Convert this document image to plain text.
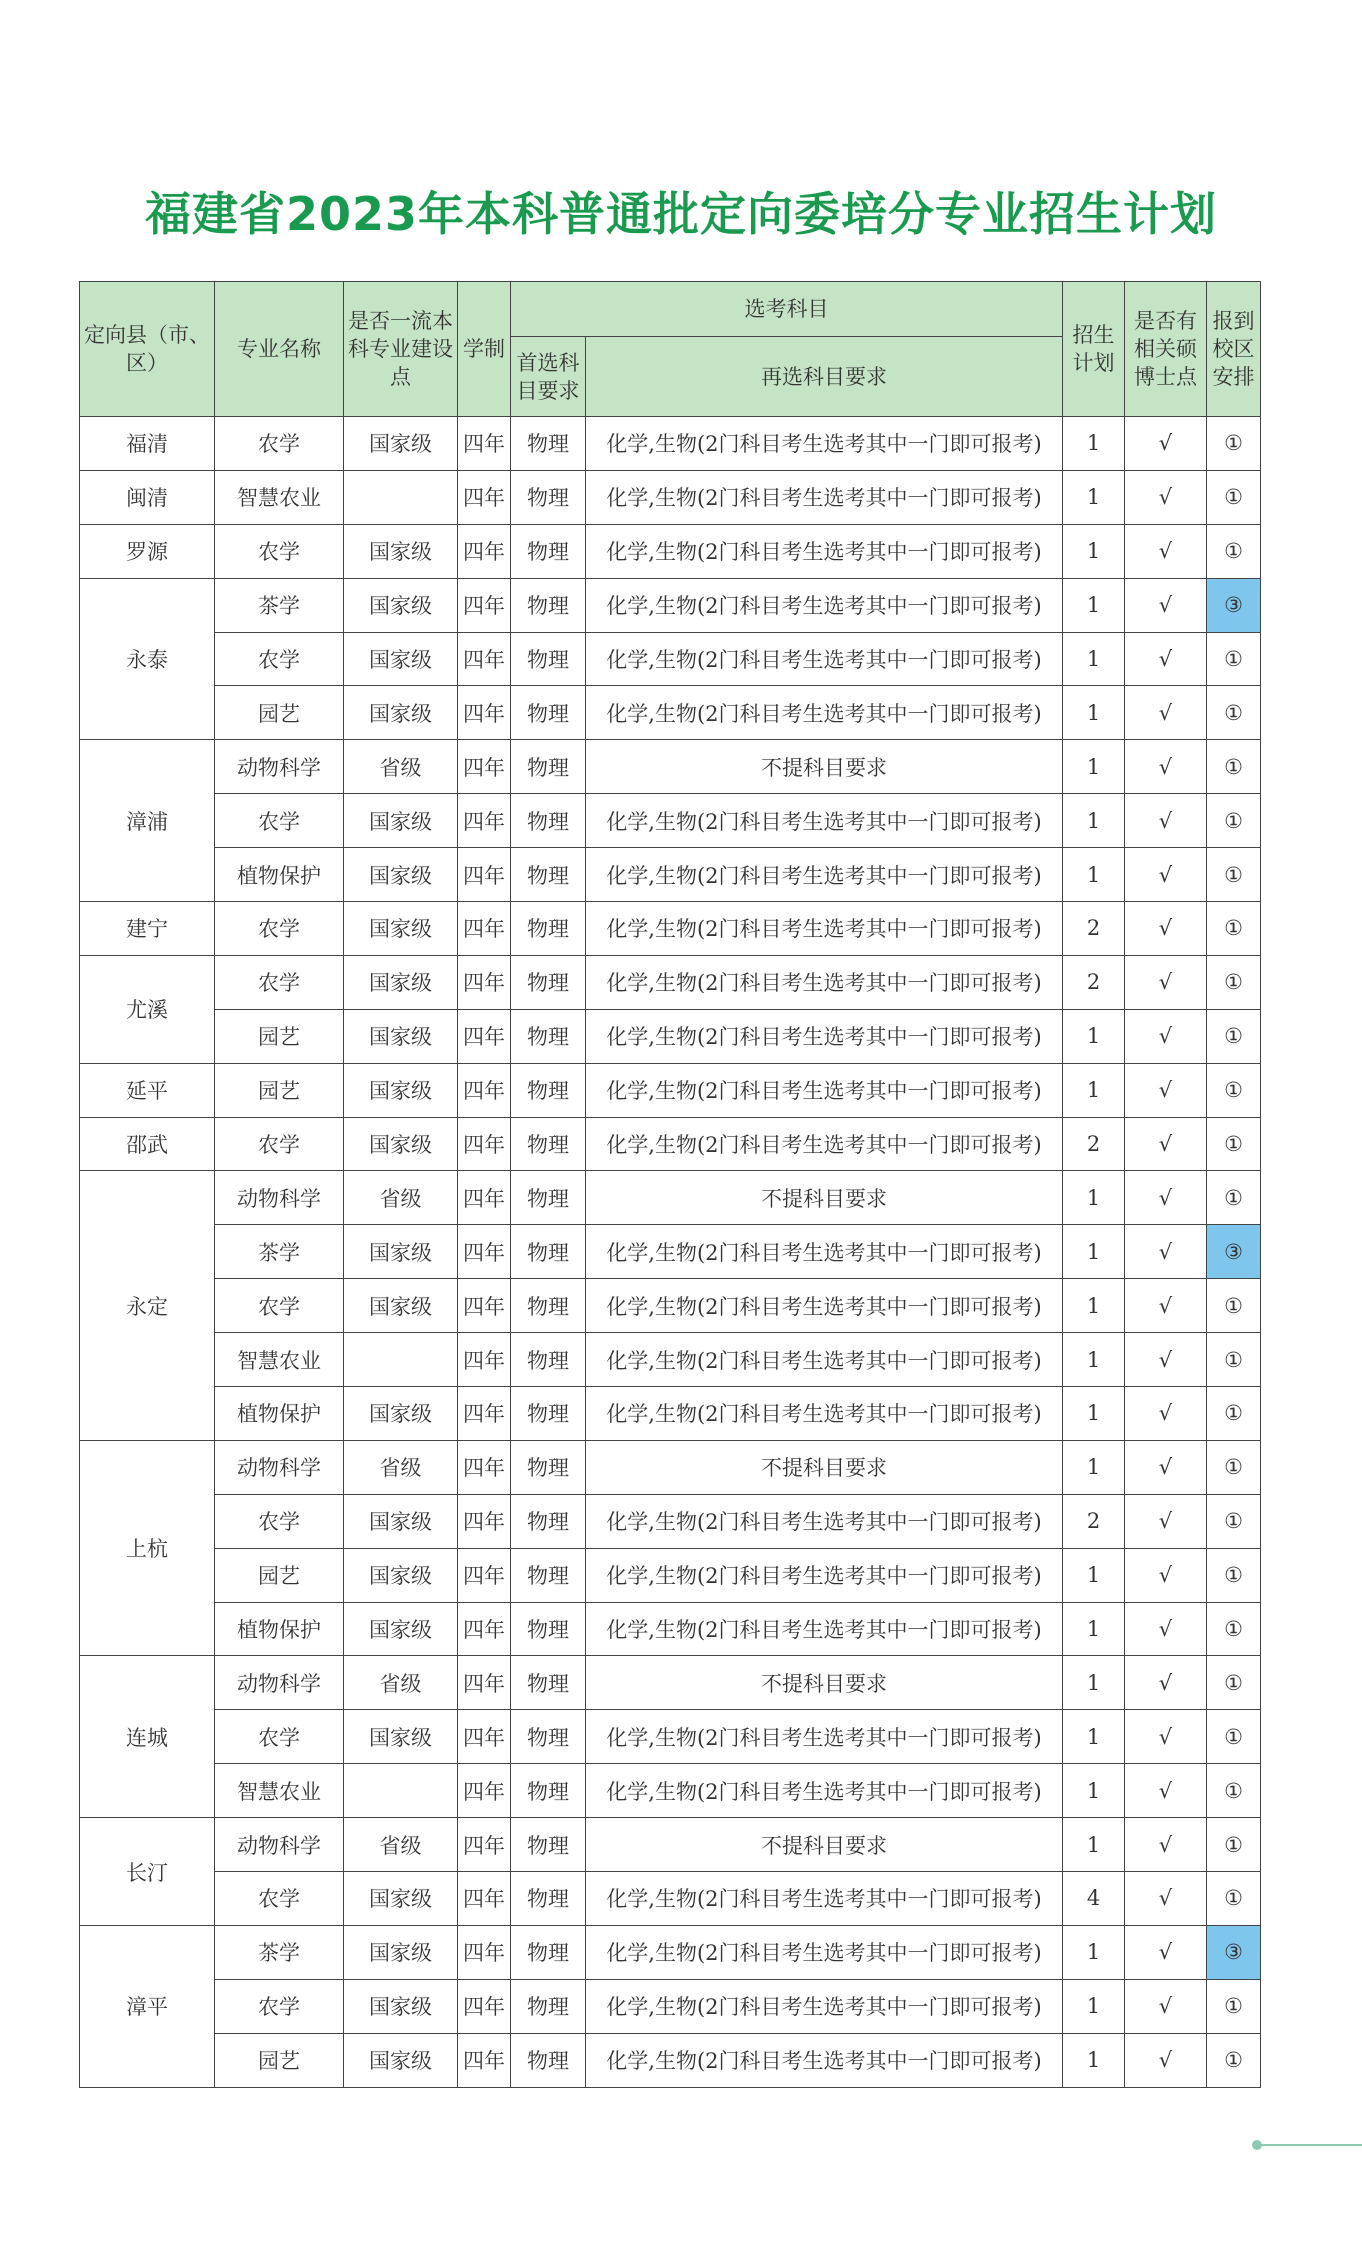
福建省2023年本科普通批定向委培分专业招生计划
定向县（市、区）	专业名称	是否一流本科专业建设点	学制	选考科目		招生计划	是否有相关硕博士点	报到校区安排
				首选科目要求	再选科目要求			
福清	农学	国家级	四年	物理	化学,生物(2门科目考生选考其中一门即可报考)	1	√	①
闽清	智慧农业		四年	物理	化学,生物(2门科目考生选考其中一门即可报考)	1	√	①
罗源	农学	国家级	四年	物理	化学,生物(2门科目考生选考其中一门即可报考)	1	√	①
永泰	茶学	国家级	四年	物理	化学,生物(2门科目考生选考其中一门即可报考)	1	√	③
	农学	国家级	四年	物理	化学,生物(2门科目考生选考其中一门即可报考)	1	√	①
	园艺	国家级	四年	物理	化学,生物(2门科目考生选考其中一门即可报考)	1	√	①
漳浦	动物科学	省级	四年	物理	不提科目要求	1	√	①
	农学	国家级	四年	物理	化学,生物(2门科目考生选考其中一门即可报考)	1	√	①
	植物保护	国家级	四年	物理	化学,生物(2门科目考生选考其中一门即可报考)	1	√	①
建宁	农学	国家级	四年	物理	化学,生物(2门科目考生选考其中一门即可报考)	2	√	①
尤溪	农学	国家级	四年	物理	化学,生物(2门科目考生选考其中一门即可报考)	2	√	①
	园艺	国家级	四年	物理	化学,生物(2门科目考生选考其中一门即可报考)	1	√	①
延平	园艺	国家级	四年	物理	化学,生物(2门科目考生选考其中一门即可报考)	1	√	①
邵武	农学	国家级	四年	物理	化学,生物(2门科目考生选考其中一门即可报考)	2	√	①
永定	动物科学	省级	四年	物理	不提科目要求	1	√	①
	茶学	国家级	四年	物理	化学,生物(2门科目考生选考其中一门即可报考)	1	√	③
	农学	国家级	四年	物理	化学,生物(2门科目考生选考其中一门即可报考)	1	√	①
	智慧农业		四年	物理	化学,生物(2门科目考生选考其中一门即可报考)	1	√	①
	植物保护	国家级	四年	物理	化学,生物(2门科目考生选考其中一门即可报考)	1	√	①
上杭	动物科学	省级	四年	物理	不提科目要求	1	√	①
	农学	国家级	四年	物理	化学,生物(2门科目考生选考其中一门即可报考)	2	√	①
	园艺	国家级	四年	物理	化学,生物(2门科目考生选考其中一门即可报考)	1	√	①
	植物保护	国家级	四年	物理	化学,生物(2门科目考生选考其中一门即可报考)	1	√	①
连城	动物科学	省级	四年	物理	不提科目要求	1	√	①
	农学	国家级	四年	物理	化学,生物(2门科目考生选考其中一门即可报考)	1	√	①
	智慧农业		四年	物理	化学,生物(2门科目考生选考其中一门即可报考)	1	√	①
长汀	动物科学	省级	四年	物理	不提科目要求	1	√	①
	农学	国家级	四年	物理	化学,生物(2门科目考生选考其中一门即可报考)	4	√	①
漳平	茶学	国家级	四年	物理	化学,生物(2门科目考生选考其中一门即可报考)	1	√	③
	农学	国家级	四年	物理	化学,生物(2门科目考生选考其中一门即可报考)	1	√	①
	园艺	国家级	四年	物理	化学,生物(2门科目考生选考其中一门即可报考)	1	√	①
